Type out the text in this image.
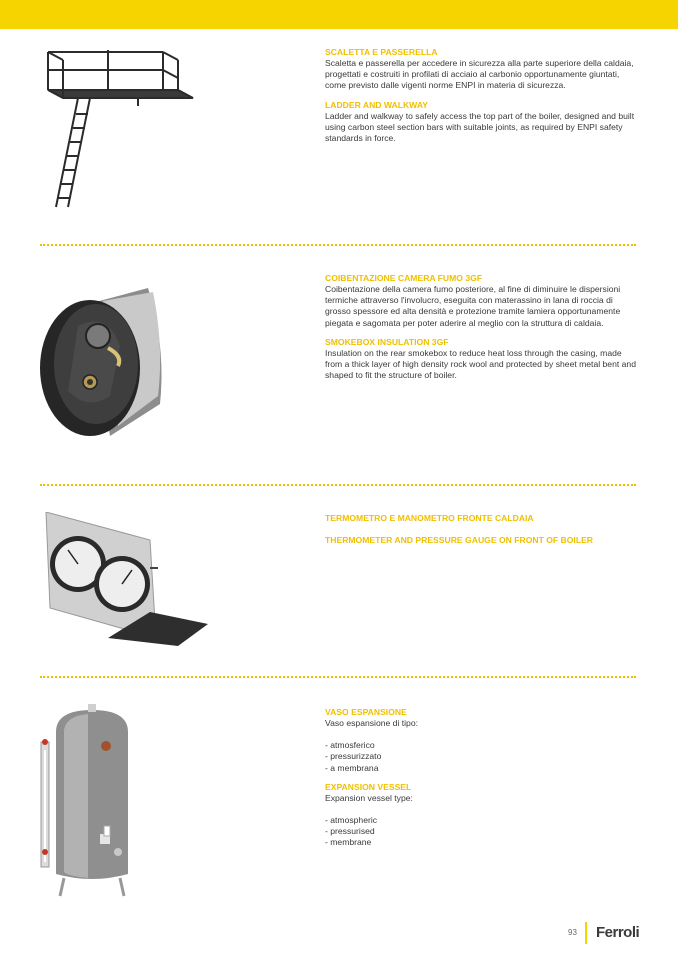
SCALETTA E PASSERELLA

Scaletta e passerella per accedere in sicurezza alla parte superiore della caldaia, progettati e costruiti in profilati di acciaio al carbonio opportunamente giuntati, come previsto dalle vigenti norme ENPI in materia di sicurezza.

LADDER AND WALKWAY

Ladder and walkway to safely access the top part of the boiler, designed and built using carbon steel section bars with suitable joints, as required by ENPI safety standards in force.

COIBENTAZIONE CAMERA FUMO 3GF

Coibentazione della camera fumo posteriore, al fine di diminuire le dispersioni termiche attraverso l'involucro, eseguita con materassino in lana di roccia di grosso spessore ed alta densità e protezione tramite lamiera opportunamente piegata e sagomata per poter aderire al meglio con la struttura di caldaia.

SMOKEBOX INSULATION 3GF

Insulation on the rear smokebox to reduce heat loss through the casing, made from a thick layer of high density rock wool and protected by sheet metal bent and shaped to fit the structure of boiler.

TERMOMETRO E MANOMETRO FRONTE CALDAIA

THERMOMETER AND PRESSURE GAUGE ON FRONT OF BOILER

VASO ESPANSIONE

Vaso espansione di tipo:

- atmosferico
- pressurizzato
- a membrana

EXPANSION VESSEL

Expansion vessel type:

- atmospheric
- pressurised
- membrane

93 Ferroli
